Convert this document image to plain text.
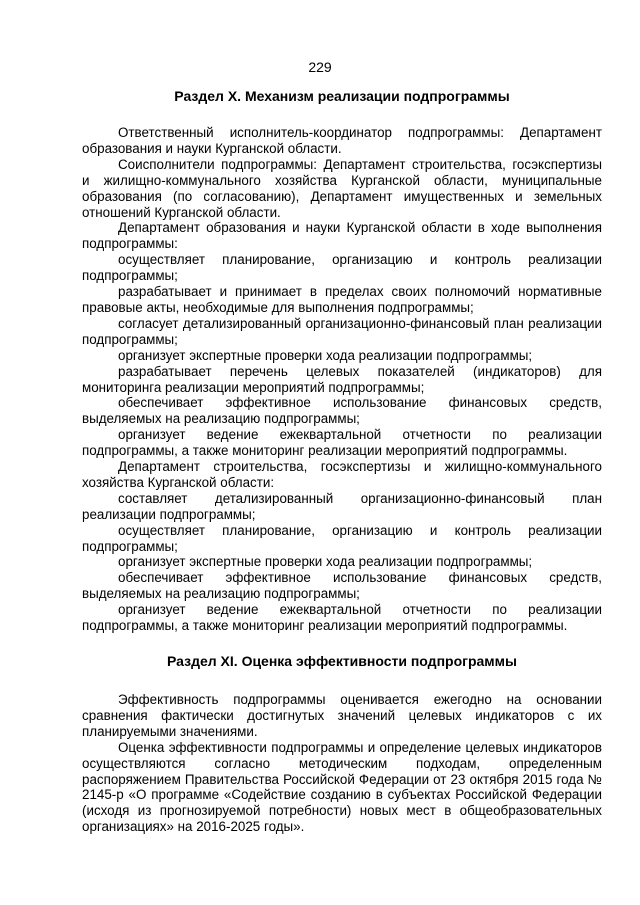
229
Раздел X. Механизм реализации подпрограммы

Ответственный исполнитель-координатор подпрограммы: Департамент образования и науки Курганской области.

Соисполнители подпрограммы: Департамент строительства, госэкспертизы и жилищно-коммунального хозяйства Курганской области, муниципальные образования (по согласованию), Департамент имущественных и земельных отношений Курганской области.

Департамент образования и науки Курганской области в ходе выполнения подпрограммы:

осуществляет планирование, организацию и контроль реализации подпрограммы;

разрабатывает и принимает в пределах своих полномочий нормативные правовые акты, необходимые для выполнения подпрограммы;

согласует детализированный организационно-финансовый план реализации подпрограммы;

организует экспертные проверки хода реализации подпрограммы;

разрабатывает перечень целевых показателей (индикаторов) для мониторинга реализации мероприятий подпрограммы;

обеспечивает эффективное использование финансовых средств, выделяемых на реализацию подпрограммы;

организует ведение ежеквартальной отчетности по реализации подпрограммы, а также мониторинг реализации мероприятий подпрограммы.

Департамент строительства, госэкспертизы и жилищно-коммунального хозяйства Курганской области:

составляет детализированный организационно-финансовый план реализации подпрограммы;

осуществляет планирование, организацию и контроль реализации подпрограммы;

организует экспертные проверки хода реализации подпрограммы;

обеспечивает эффективное использование финансовых средств, выделяемых на реализацию подпрограммы;

организует ведение ежеквартальной отчетности по реализации подпрограммы, а также мониторинг реализации мероприятий подпрограммы.

Раздел XI. Оценка эффективности подпрограммы

Эффективность подпрограммы оценивается ежегодно на основании сравнения фактически достигнутых значений целевых индикаторов с их планируемыми значениями.

Оценка эффективности подпрограммы и определение целевых индикаторов осуществляются согласно методическим подходам, определенным распоряжением Правительства Российской Федерации от 23 октября 2015 года № 2145-р «О программе «Содействие созданию в субъектах Российской Федерации (исходя из прогнозируемой потребности) новых мест в общеобразовательных организациях» на 2016-2025 годы».
